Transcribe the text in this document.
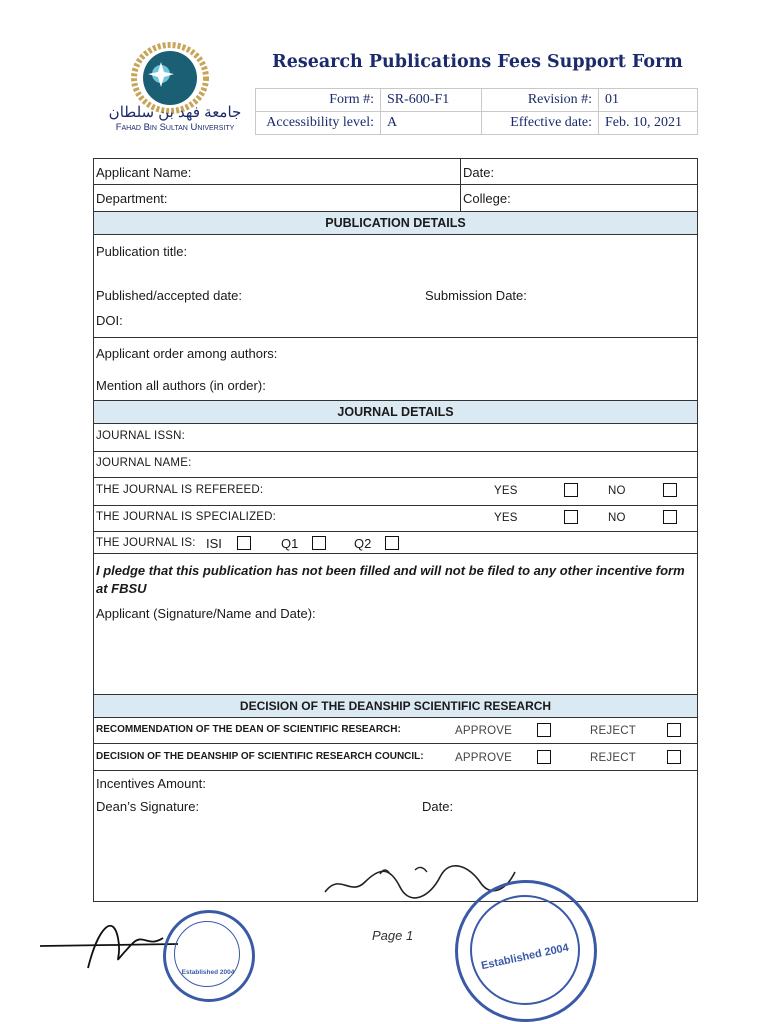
جامعة فهد بن سلطان
Fahad Bin Sultan University
Research Publications Fees Support Form
Form #:	SR-600-F1	Revision #:	01
Accessibility level:	A	Effective date:	Feb. 10, 2021
Applicant Name:	Date:
Department:	College:
PUBLICATION DETAILS
Publication title:
Published/accepted date:	Submission Date:
DOI:
Applicant order among authors:
Mention all authors (in order):
JOURNAL DETAILS
JOURNAL ISSN:
JOURNAL NAME:
THE JOURNAL IS REFEREED:	YES	NO
THE JOURNAL IS SPECIALIZED:	YES	NO
THE JOURNAL IS: ISI	Q1	Q2
I pledge that this publication has not been filled and will not be filed to any other incentive form at FBSU
Applicant (Signature/Name and Date):
DECISION OF THE DEANSHIP SCIENTIFIC RESEARCH
RECOMMENDATION OF THE DEAN OF SCIENTIFIC RESEARCH:	APPROVE	REJECT
DECISION OF THE DEANSHIP OF SCIENTIFIC RESEARCH COUNCIL:	APPROVE	REJECT
Incentives Amount:
Dean’s Signature:	Date:
Page 1
Established 2004
Established 2004
